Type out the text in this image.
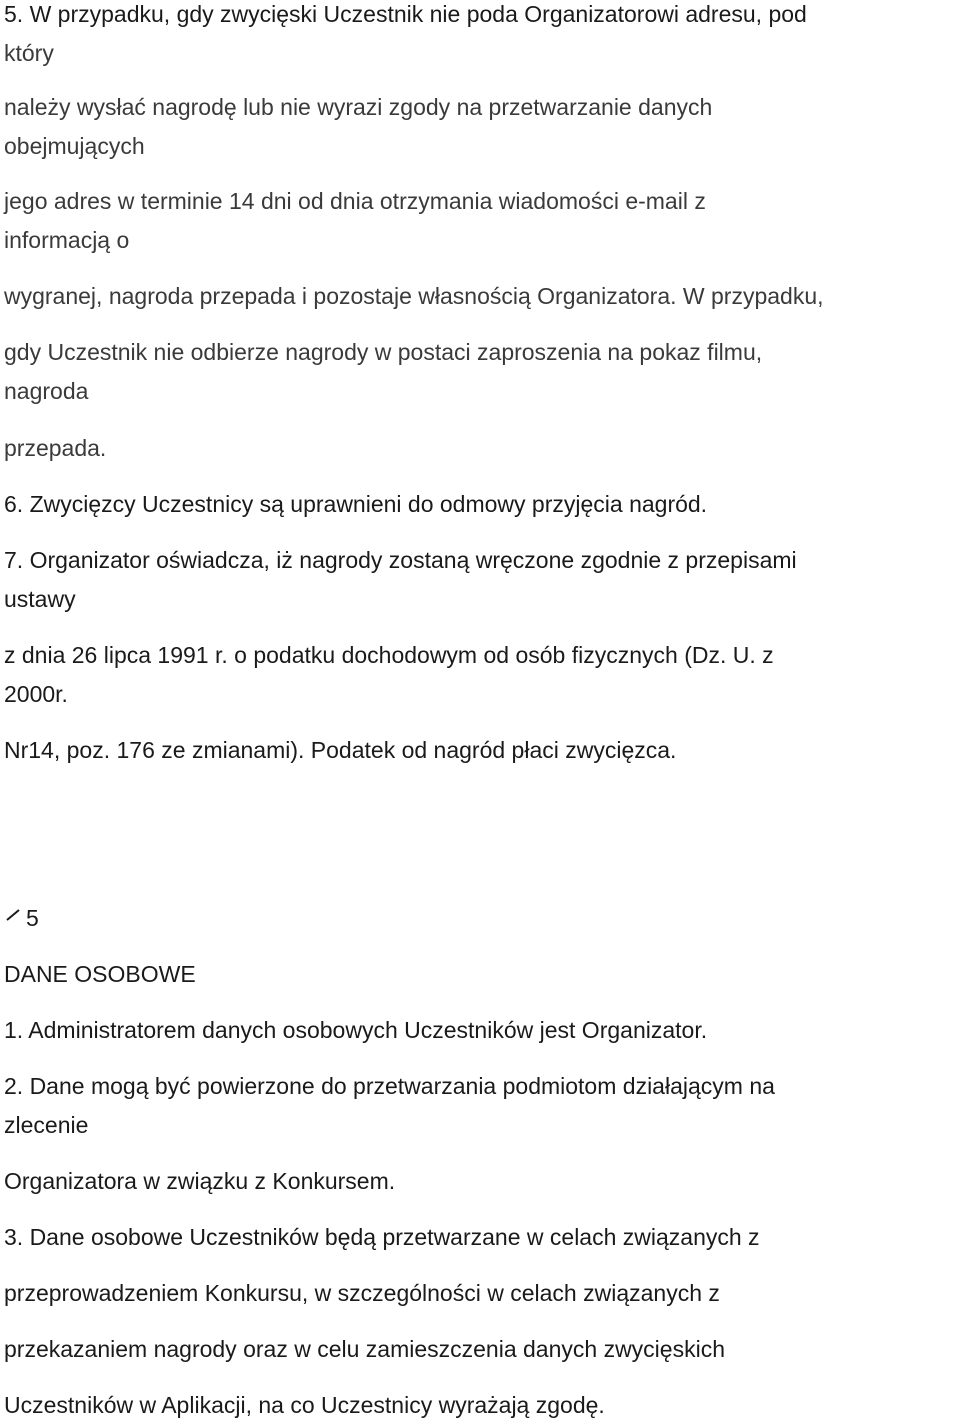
5. W przypadku, gdy zwycięski Uczestnik nie poda Organizatorowi adresu, pod

który

należy wysłać nagrodę lub nie wyrazi zgody na przetwarzanie danych

obejmujących

jego adres w terminie 14 dni od dnia otrzymania wiadomości e-mail z

informacją o

wygranej, nagroda przepada i pozostaje własnością Organizatora. W przypadku,

gdy Uczestnik nie odbierze nagrody w postaci zaproszenia na pokaz filmu,

nagroda

przepada.

6. Zwycięzcy Uczestnicy są uprawnieni do odmowy przyjęcia nagród.

7. Organizator oświadcza, iż nagrody zostaną wręczone zgodnie z przepisami

ustawy

z dnia 26 lipca 1991 r. o podatku dochodowym od osób fizycznych (Dz. U. z

2000r.

Nr14, poz. 176 ze zmianami). Podatek od nagród płaci zwycięzca.

5

DANE OSOBOWE

1. Administratorem danych osobowych Uczestników jest Organizator.

2. Dane mogą być powierzone do przetwarzania podmiotom działającym na

zlecenie

Organizatora w związku z Konkursem.

3. Dane osobowe Uczestników będą przetwarzane w celach związanych z

przeprowadzeniem Konkursu, w szczególności w celach związanych z

przekazaniem nagrody oraz w celu zamieszczenia danych zwycięskich

Uczestników w Aplikacji, na co Uczestnicy wyrażają zgodę.
